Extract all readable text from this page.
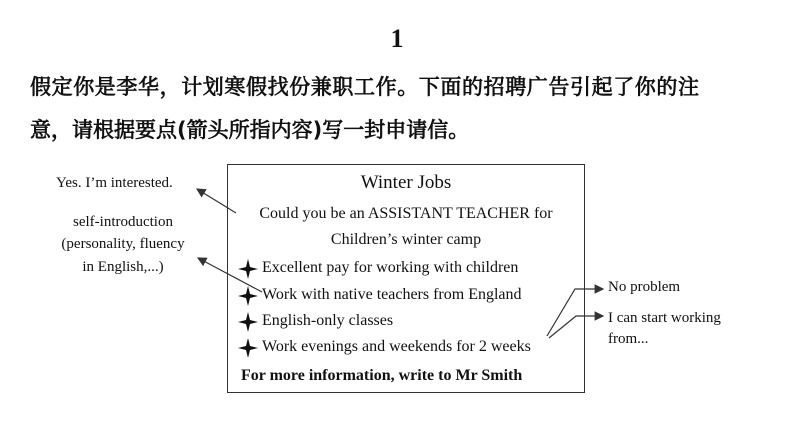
1
假定你是李华，计划寒假找份兼职工作。下面的招聘广告引起了你的注
意，请根据要点(箭头所指内容)写一封申请信。
Winter Jobs
Could you be an ASSISTANT TEACHER for
Children’s winter camp
Excellent pay for working with children
Work with native teachers from England
English-only classes
Work evenings and weekends for 2 weeks
For more information, write to Mr Smith
Yes. I’m interested.
self-introduction
(personality, fluency
in English,...)
No problem
I can start working
from...
